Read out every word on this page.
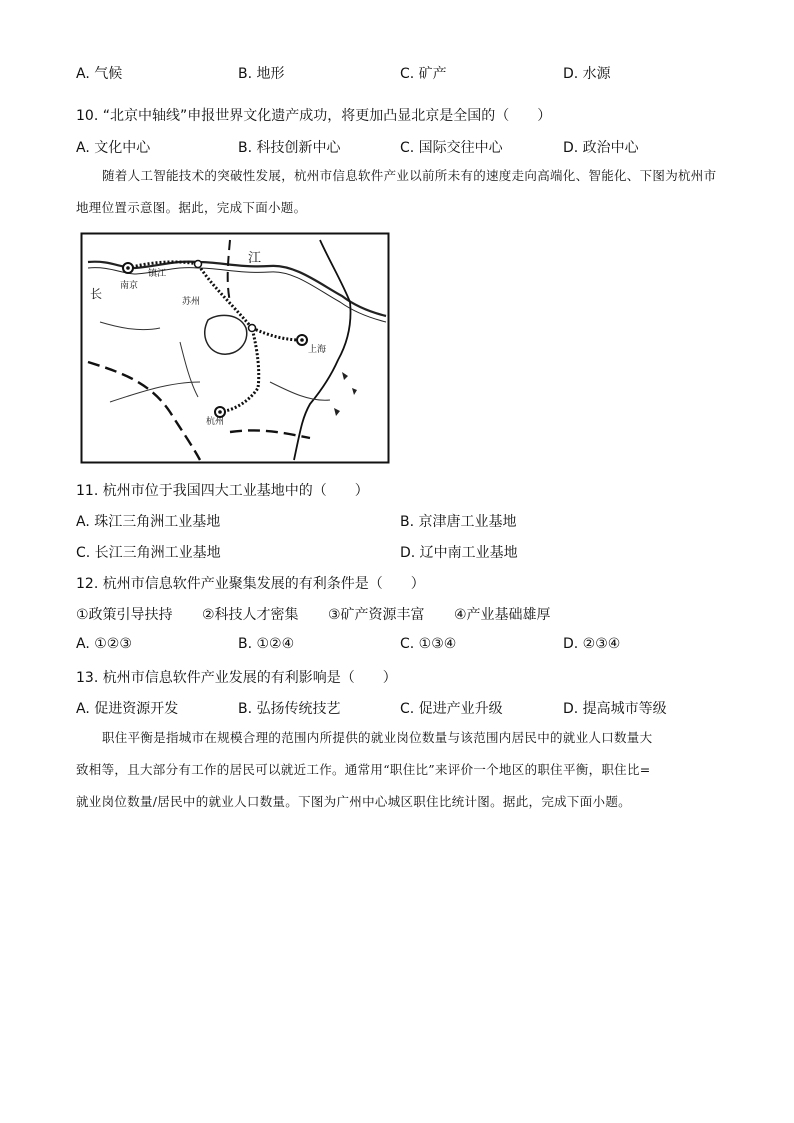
A. 气候	B. 地形	C. 矿产	D. 水源
10. “北京中轴线”申报世界文化遗产成功，将更加凸显北京是全国的（　　）
A. 文化中心	B. 科技创新中心	C. 国际交往中心	D. 政治中心
随着人工智能技术的突破性发展，杭州市信息软件产业以前所未有的速度走向高端化、智能化、下图为杭州市地理位置示意图。据此，完成下面小题。
南京
镇江
苏州
上海
杭州
江
长
11. 杭州市位于我国四大工业基地中的（　　）
A. 珠江三角洲工业基地	B. 京津唐工业基地
C. 长江三角洲工业基地	D. 辽中南工业基地
12. 杭州市信息软件产业聚集发展的有利条件是（　　）
①政策引导扶持 ②科技人才密集 ③矿产资源丰富 ④产业基础雄厚
A. ①②③	B. ①②④	C. ①③④	D. ②③④
13. 杭州市信息软件产业发展的有利影响是（　　）
A. 促进资源开发	B. 弘扬传统技艺	C. 促进产业升级	D. 提高城市等级
职住平衡是指城市在规模合理的范围内所提供的就业岗位数量与该范围内居民中的就业人口数量大
致相等，且大部分有工作的居民可以就近工作。通常用“职住比”来评价一个地区的职住平衡，职住比=
就业岗位数量/居民中的就业人口数量。下图为广州中心城区职住比统计图。据此，完成下面小题。
